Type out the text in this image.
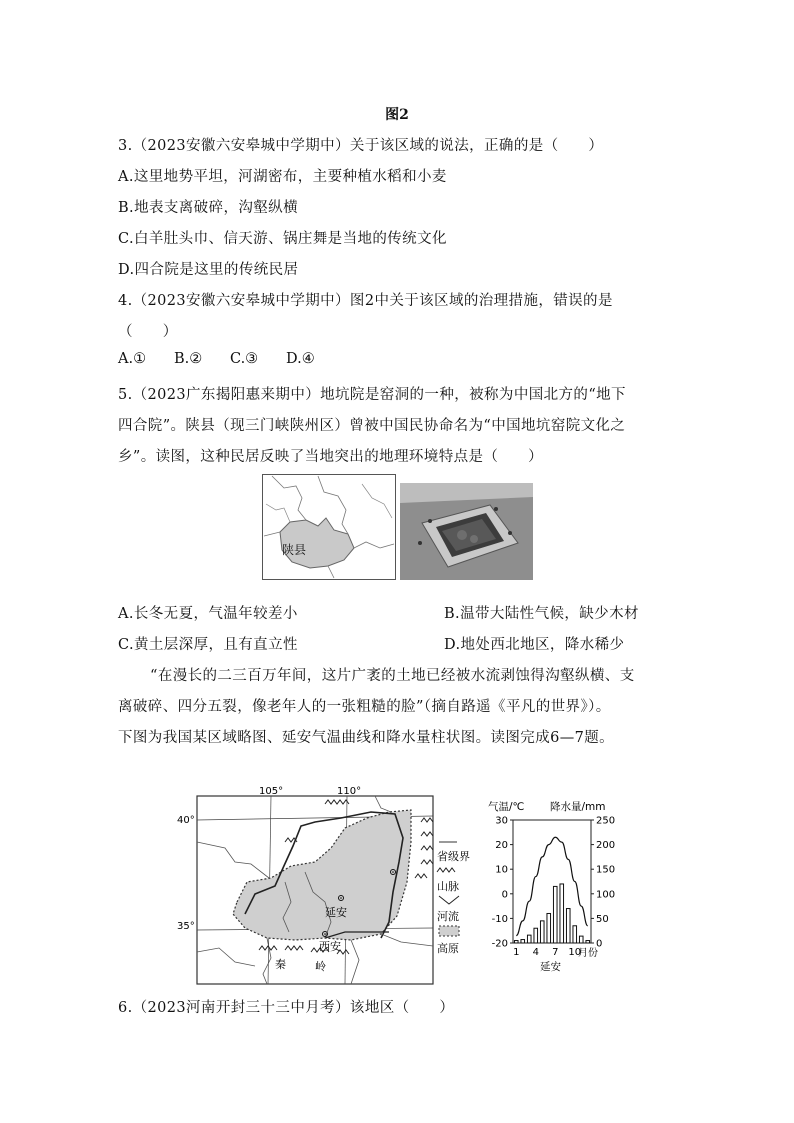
图2
3.（2023安徽六安皋城中学期中）关于该区域的说法，正确的是（　　）
A.这里地势平坦，河湖密布，主要种植水稻和小麦
B.地表支离破碎，沟壑纵横
C.白羊肚头巾、信天游、锅庄舞是当地的传统文化
D.四合院是这里的传统民居
4.（2023安徽六安皋城中学期中）图2中关于该区域的治理措施，错误的是
（　　）
A.① B.② C.③ D.④
5.（2023广东揭阳惠来期中）地坑院是窑洞的一种，被称为中国北方的“地下
四合院”。陕县（现三门峡陕州区）曾被中国民协命名为“中国地坑窑院文化之
乡”。读图，这种民居反映了当地突出的地理环境特点是（　　）
陕县
A.长冬无夏，气温年较差小	B.温带大陆性气候，缺少木材
C.黄土层深厚，且有直立性	D.地处西北地区，降水稀少
“在漫长的二三百万年间，这片广袤的土地已经被水流剥蚀得沟壑纵横、支
离破碎、四分五裂，像老年人的一张粗糙的脸”（摘自路遥《平凡的世界》）。
下图为我国某区域略图、延安气温曲线和降水量柱状图。读图完成6—7题。
105°	110°
40°
35°
延安
西安
秦	岭
省级界
山脉
河流
高原
气温/℃ 降水量/mm
30
20
10
0
-10
-20
250
200
150
100
50
0
1 4 7 10
月份
延安
6.（2023河南开封三十三中月考）该地区（　　）
